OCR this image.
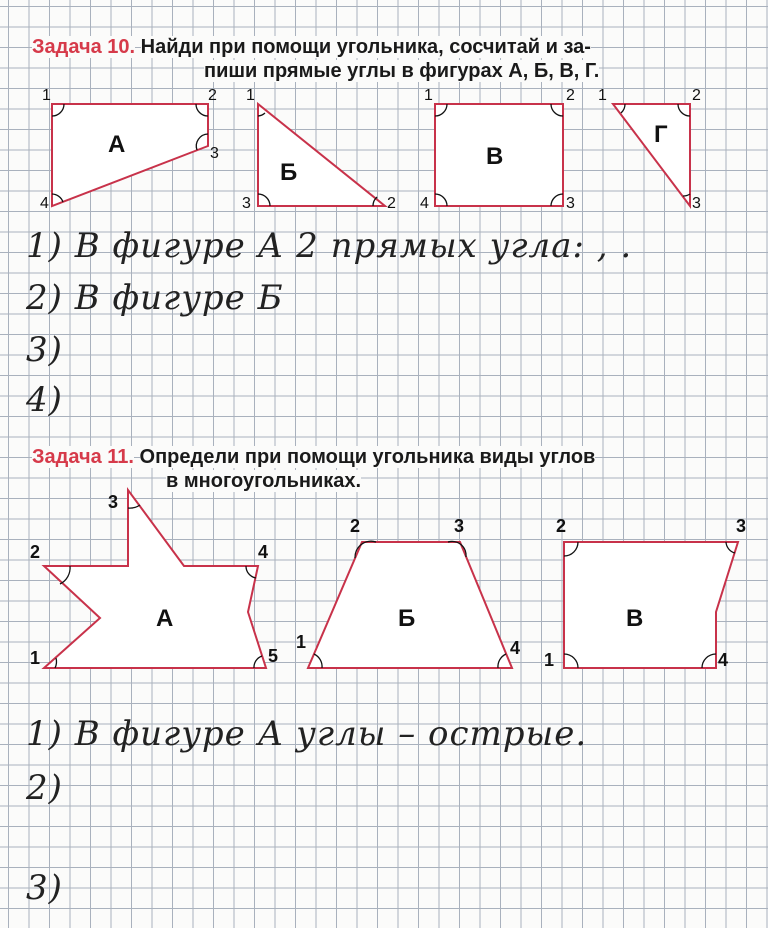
Задача 10. Найди при помощи угольника, сосчитай и за-
пиши прямые углы в фигурах А, Б, В, Г.
1	2
3
4
А
1
2
3
Б
1	2
3
4
В
1	2
3
Г
1) В фигуре А 2 прямых угла: , .
2) В фигуре Б
3)
4)
Задача 11. Определи при помощи угольника виды углов
в многоугольниках.
1
2
3
4
5
А
1
2	3
4
Б
1
2	3
4
В
1) В фигуре А углы – острые.
2)
3)
